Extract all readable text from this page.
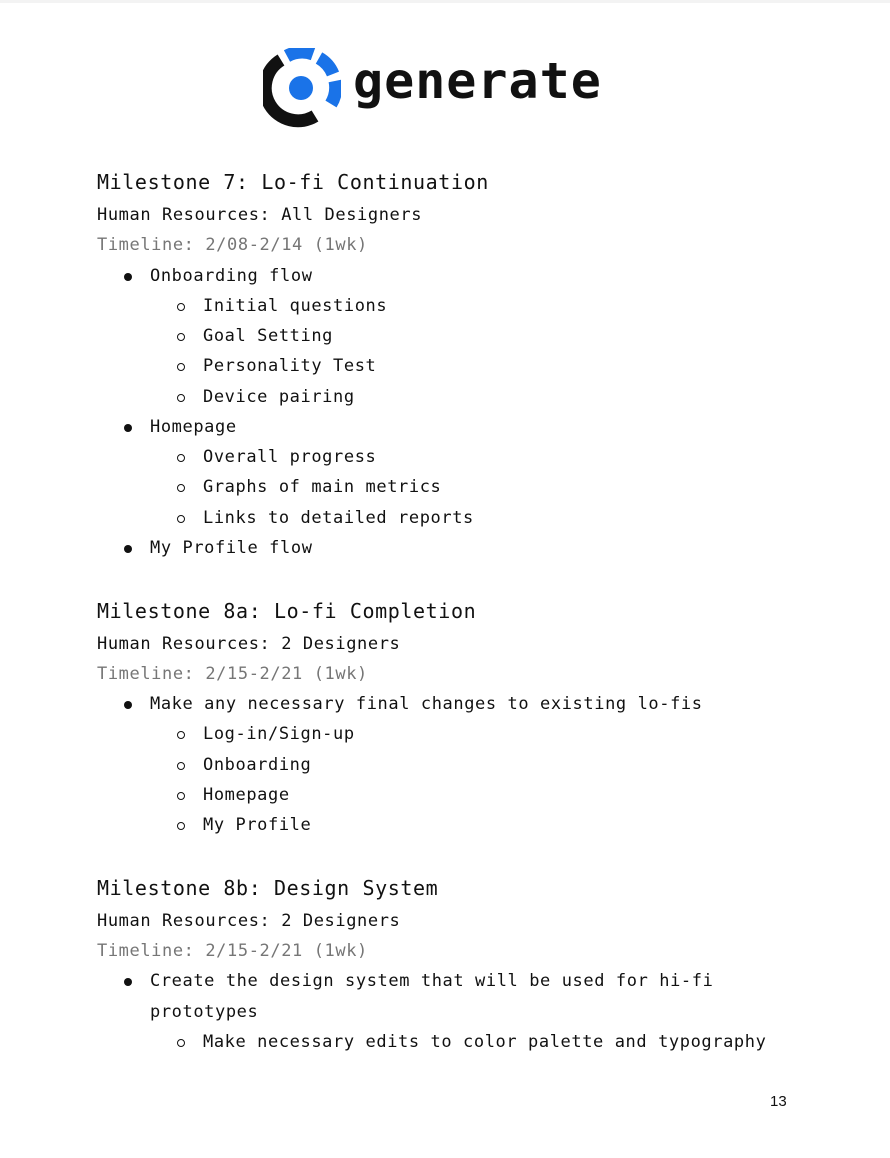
generate
Milestone 7: Lo-fi Continuation
Human Resources: All Designers
Timeline: 2/08-2/14 (1wk)
Onboarding flow
Initial questions
Goal Setting
Personality Test
Device pairing
Homepage
Overall progress
Graphs of main metrics
Links to detailed reports
My Profile flow
Milestone 8a: Lo-fi Completion
Human Resources: 2 Designers
Timeline: 2/15-2/21 (1wk)
Make any necessary final changes to existing lo-fis
Log-in/Sign-up
Onboarding
Homepage
My Profile
Milestone 8b: Design System
Human Resources: 2 Designers
Timeline: 2/15-2/21 (1wk)
Create the design system that will be used for hi-fi
prototypes
Make necessary edits to color palette and typography
13
